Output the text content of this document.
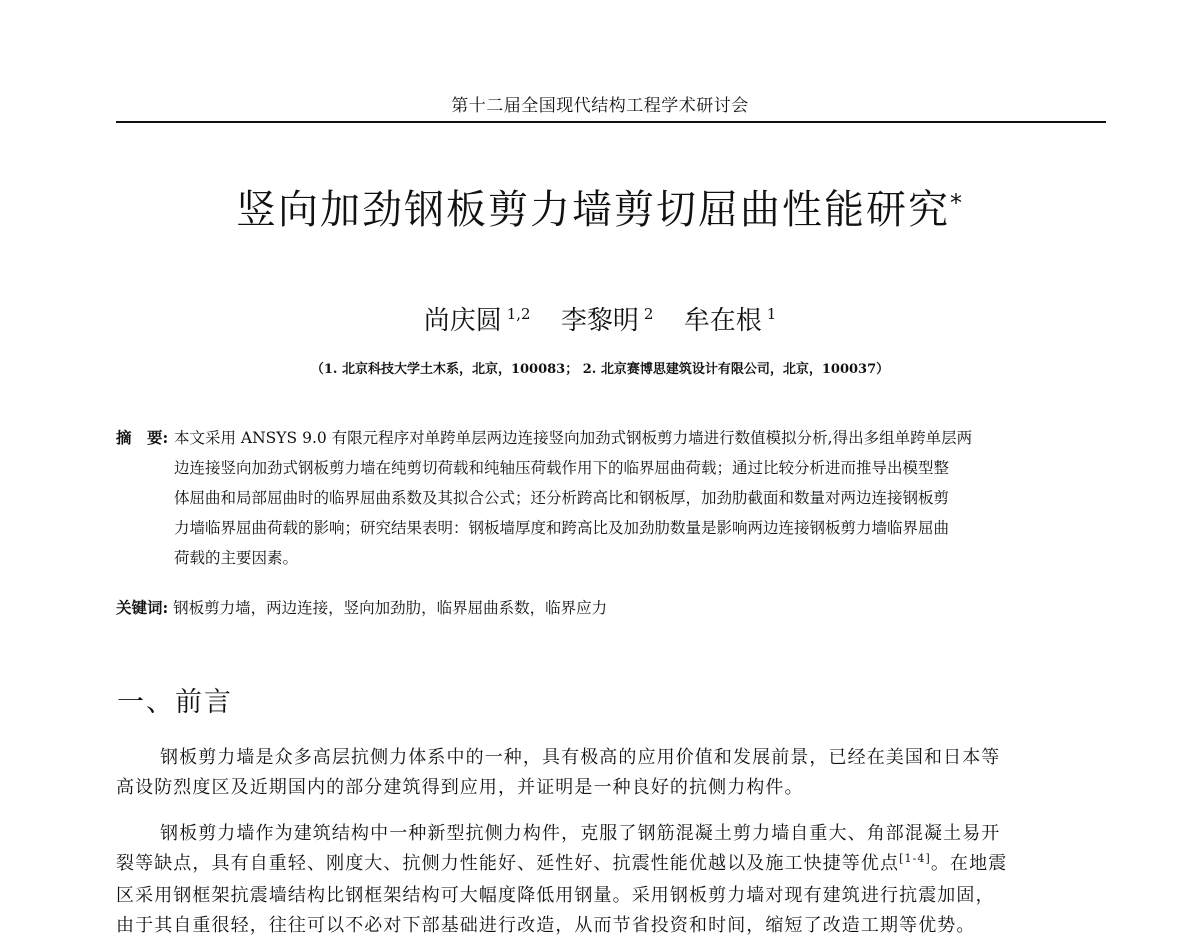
第十二届全国现代结构工程学术研讨会
竖向加劲钢板剪力墙剪切屈曲性能研究*
尚庆圆 $^{1,2}$ 李黎明 $^2$ 牟在根 $^1$
（1. 北京科技大学土木系，北京，100083； 2. 北京赛博思建筑设计有限公司，北京，100037）
摘　要: 本文采用 ANSYS 9.0 有限元程序对单跨单层两边连接竖向加劲式钢板剪力墙进行数值模拟分析,得出多组单跨单层两
边连接竖向加劲式钢板剪力墙在纯剪切荷载和纯轴压荷载作用下的临界屈曲荷载；通过比较分析进而推导出模型整
体屈曲和局部屈曲时的临界屈曲系数及其拟合公式；还分析跨高比和钢板厚，加劲肋截面和数量对两边连接钢板剪
力墙临界屈曲荷载的影响；研究结果表明：钢板墙厚度和跨高比及加劲肋数量是影响两边连接钢板剪力墙临界屈曲
荷载的主要因素。
关键词: 钢板剪力墙，两边连接，竖向加劲肋，临界屈曲系数，临界应力
一、前言
钢板剪力墙是众多高层抗侧力体系中的一种，具有极高的应用价值和发展前景，已经在美国和日本等
高设防烈度区及近期国内的部分建筑得到应用，并证明是一种良好的抗侧力构件。
钢板剪力墙作为建筑结构中一种新型抗侧力构件，克服了钢筋混凝土剪力墙自重大、角部混凝土易开
裂等缺点，具有自重轻、刚度大、抗侧力性能好、延性好、抗震性能优越以及施工快捷等优点[1-4]。在地震
区采用钢框架抗震墙结构比钢框架结构可大幅度降低用钢量。采用钢板剪力墙对现有建筑进行抗震加固，
由于其自重很轻，往往可以不必对下部基础进行改造，从而节省投资和时间，缩短了改造工期等优势。
